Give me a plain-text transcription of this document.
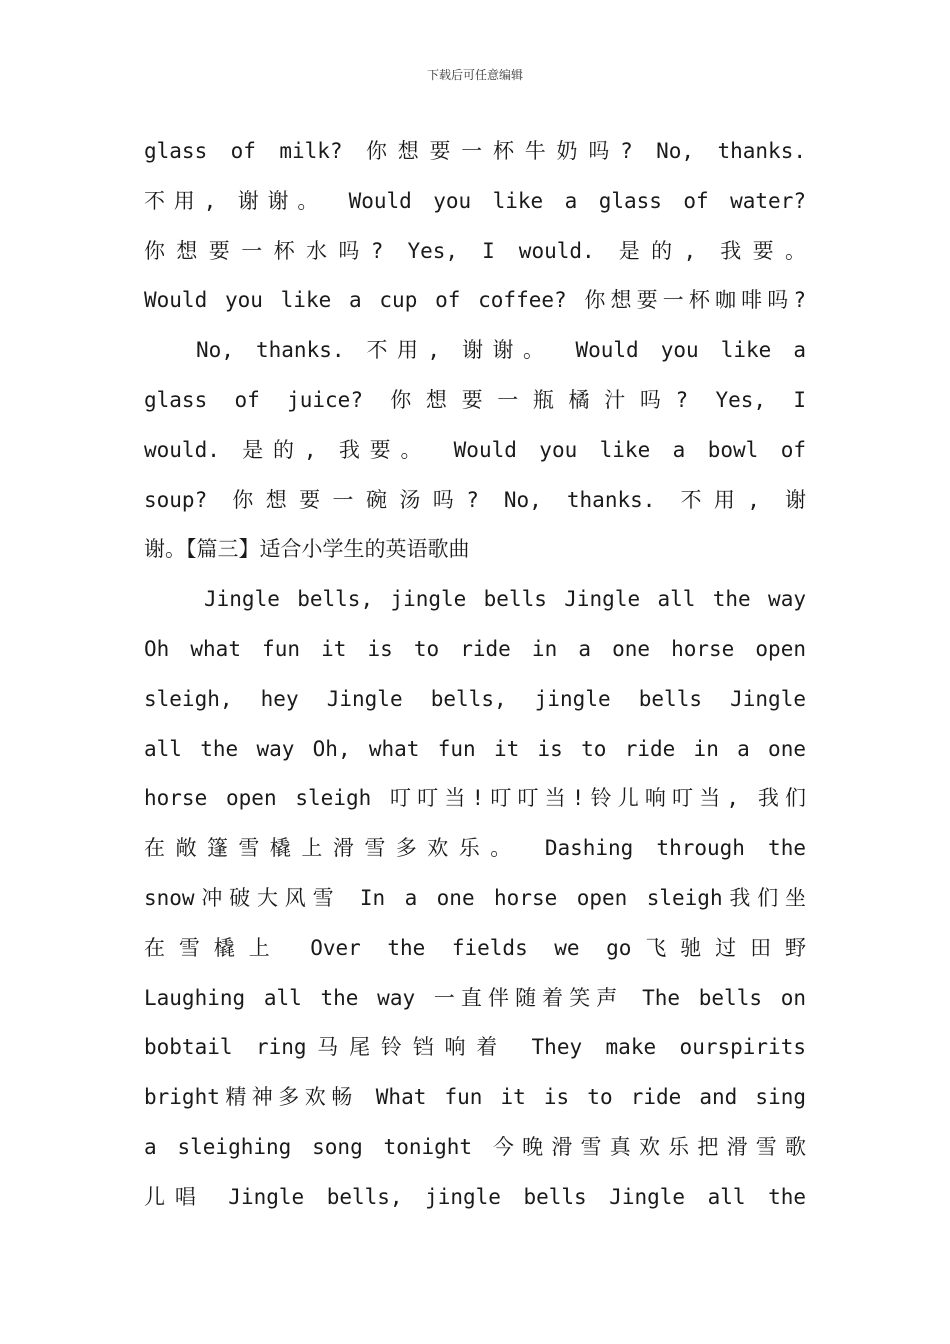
下载后可任意编辑
glass of milk? 你想要一杯牛奶吗? No, thanks.
不用, 谢谢。 Would you like a glass of water?
你想要一杯水吗? Yes, I would. 是的, 我要。
Would you like a cup of coffee? 你想要一杯咖啡吗?
No, thanks. 不用, 谢谢。 Would you like a
glass of juice? 你想要一瓶橘汁吗? Yes, I
would. 是的, 我要。 Would you like a bowl of
soup? 你想要一碗汤吗? No, thanks. 不用, 谢
谢。【篇三】适合小学生的英语歌曲
Jingle bells, jingle bells Jingle all the way
Oh what fun it is to ride in a one horse open
sleigh, hey Jingle bells, jingle bells Jingle
all the way Oh, what fun it is to ride in a one
horse open sleigh 叮叮当!叮叮当!铃儿响叮当, 我们
在敞篷雪橇上滑雪多欢乐。 Dashing through the
snow冲破大风雪 In a one horse open sleigh我们坐
在雪橇上 Over the fields we go飞驰过田野
Laughing all the way 一直伴随着笑声 The bells on
bobtail ring马尾铃铛响着 They make ourspirits
bright精神多欢畅 What fun it is to ride and sing
a sleighing song tonight 今晚滑雪真欢乐把滑雪歌
儿唱 Jingle bells, jingle bells Jingle all the
